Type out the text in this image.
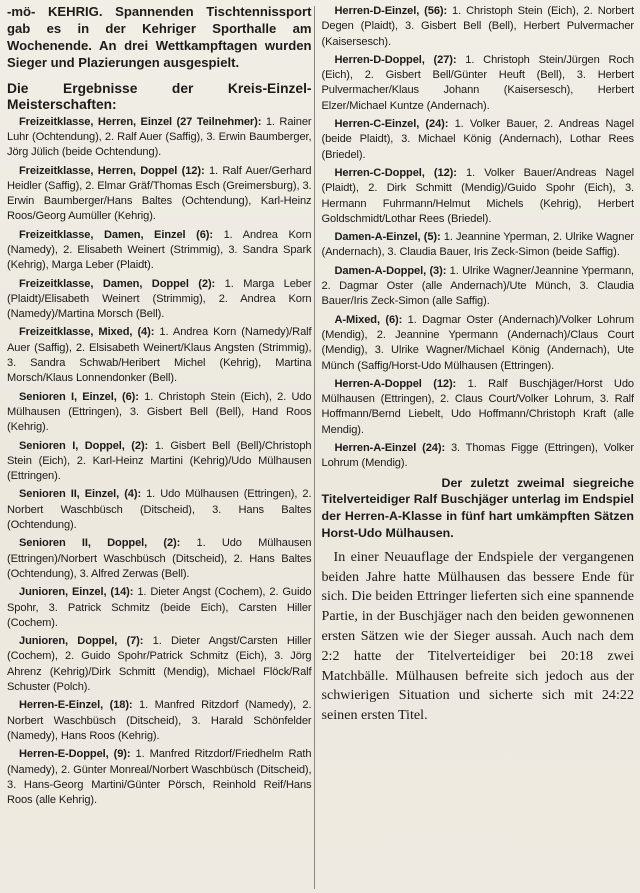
-mö- KEHRIG. Spannenden Tischtennissport gab es in der Kehriger Sporthalle am Wochenende. An drei Wettkampftagen wurden Sieger und Plazierungen ausgespielt.

Die Ergebnisse der Kreis-Einzel-Meisterschaften:

Freizeitklasse, Herren, Einzel (27 Teilnehmer): 1. Rainer Luhr (Ochtendung), 2. Ralf Auer (Saffig), 3. Erwin Baumberger, Jörg Jülich (beide Ochtendung).

Freizeitklasse, Herren, Doppel (12): 1. Ralf Auer/Gerhard Heidler (Saffig), 2. Elmar Gräf/Thomas Esch (Greimersburg), 3. Erwin Baumberger/Hans Baltes (Ochtendung), Karl-Heinz Roos/Georg Aumüller (Kehrig).

Freizeitklasse, Damen, Einzel (6): 1. Andrea Korn (Namedy), 2. Elisabeth Weinert (Strimmig), 3. Sandra Spark (Kehrig), Marga Leber (Plaidt).

Freizeitklasse, Damen, Doppel (2): 1. Marga Leber (Plaidt)/Elisabeth Weinert (Strimmig), 2. Andrea Korn (Namedy)/Martina Morsch (Bell).

Freizeitklasse, Mixed, (4): 1. Andrea Korn (Namedy)/Ralf Auer (Saffig), 2. Elsisabeth Weinert/Klaus Angsten (Strimmig), 3. Sandra Schwab/Heribert Michel (Kehrig), Martina Morsch/Klaus Lonnendonker (Bell).

Senioren I, Einzel, (6): 1. Christoph Stein (Eich), 2. Udo Mülhausen (Ettringen), 3. Gisbert Bell (Bell), Hand Roos (Kehrig).

Senioren I, Doppel, (2): 1. Gisbert Bell (Bell)/Christoph Stein (Eich), 2. Karl-Heinz Martini (Kehrig)/Udo Mülhausen (Ettringen).

Senioren II, Einzel, (4): 1. Udo Mülhausen (Ettringen), 2. Norbert Waschbüsch (Ditscheid), 3. Hans Baltes (Ochtendung).

Senioren II, Doppel, (2): 1. Udo Mülhausen (Ettringen)/Norbert Waschbüsch (Ditscheid), 2. Hans Baltes (Ochtendung), 3. Alfred Zerwas (Bell).

Junioren, Einzel, (14): 1. Dieter Angst (Cochem), 2. Guido Spohr, 3. Patrick Schmitz (beide Eich), Carsten Hiller (Cochem).

Junioren, Doppel, (7): 1. Dieter Angst/Carsten Hiller (Cochem), 2. Guido Spohr/Patrick Schmitz (Eich), 3. Jörg Ahrenz (Kehrig)/Dirk Schmitt (Mendig), Michael Flöck/Ralf Schuster (Polch).

Herren-E-Einzel, (18): 1. Manfred Ritzdorf (Namedy), 2. Norbert Waschbüsch (Ditscheid), 3. Harald Schönfelder (Namedy), Hans Roos (Kehrig).

Herren-E-Doppel, (9): 1. Manfred Ritzdorf/Friedhelm Rath (Namedy), 2. Günter Monreal/Norbert Waschbüsch (Ditscheid), 3. Hans-Georg Martini/Günter Pörsch, Reinhold Reif/Hans Roos (alle Kehrig).

Herren-D-Einzel, (56): 1. Christoph Stein (Eich), 2. Norbert Degen (Plaidt), 3. Gisbert Bell (Bell), Herbert Pulvermacher (Kaisersesch).

Herren-D-Doppel, (27): 1. Christoph Stein/Jürgen Roch (Eich), 2. Gisbert Bell/Günter Heuft (Bell), 3. Herbert Pulvermacher/Klaus Johann (Kaisersesch), Herbert Elzer/Michael Kuntze (Andernach).

Herren-C-Einzel, (24): 1. Volker Bauer, 2. Andreas Nagel (beide Plaidt), 3. Michael König (Andernach), Lothar Rees (Briedel).

Herren-C-Doppel, (12): 1. Volker Bauer/Andreas Nagel (Plaidt), 2. Dirk Schmitt (Mendig)/Guido Spohr (Eich), 3. Hermann Fuhrmann/Helmut Michels (Kehrig), Herbert Goldschmidt/Lothar Rees (Briedel).

Damen-A-Einzel, (5): 1. Jeannine Yperman, 2. Ulrike Wagner (Andernach), 3. Claudia Bauer, Iris Zeck-Simon (beide Saffig).

Damen-A-Doppel, (3): 1. Ulrike Wagner/Jeannine Ypermann, 2. Dagmar Oster (alle Andernach)/Ute Münch, 3. Claudia Bauer/Iris Zeck-Simon (alle Saffig).

A-Mixed, (6): 1. Dagmar Oster (Andernach)/Volker Lohrum (Mendig), 2. Jeannine Ypermann (Andernach)/Claus Court (Mendig), 3. Ulrike Wagner/Michael König (Andernach), Ute Münch (Saffig/Horst-Udo Mülhausen (Ettringen).

Herren-A-Doppel (12): 1. Ralf Buschjäger/Horst Udo Mülhausen (Ettringen), 2. Claus Court/Volker Lohrum, 3. Ralf Hoffmann/Bernd Liebelt, Udo Hoffmann/Christoph Kraft (alle Mendig).

Herren-A-Einzel (24): 3. Thomas Figge (Ettringen), Volker Lohrum (Mendig).

Der zuletzt zweimal siegreiche Titelverteidiger Ralf Buschjäger unterlag im Endspiel der Herren-A-Klasse in fünf hart umkämpften Sätzen Horst-Udo Mülhausen.

In einer Neuauflage der Endspiele der vergangenen beiden Jahre hatte Mülhausen das bessere Ende für sich. Die beiden Ettringer lieferten sich eine spannende Partie, in der Buschjäger nach den beiden gewonnenen ersten Sätzen wie der Sieger aussah. Auch nach dem 2:2 hatte der Titelverteidiger bei 20:18 zwei Matchbälle. Mülhausen befreite sich jedoch aus der schwierigen Situation und sicherte sich mit 24:22 seinen ersten Titel.
